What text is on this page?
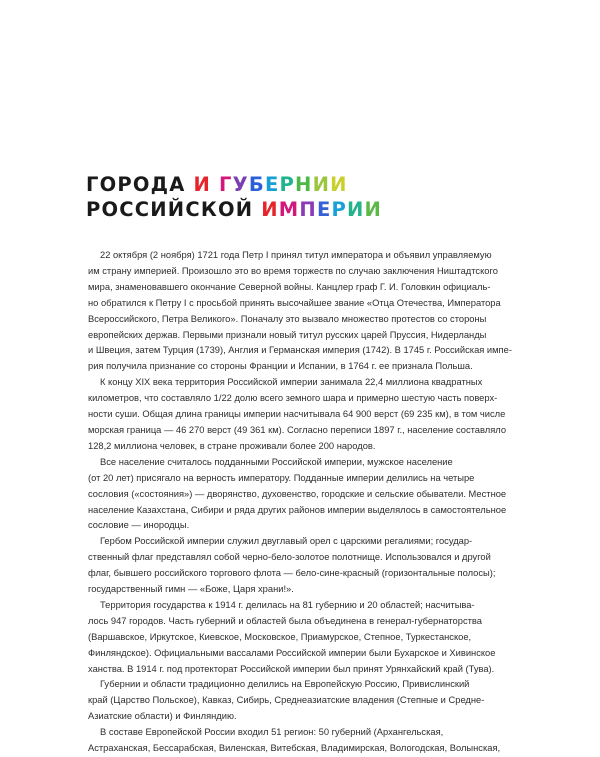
ГОРОДА И ГУБЕРНИИ
РОССИЙСКОЙ ИМПЕРИИ
22 октября (2 ноября) 1721 года Петр I принял титул императора и объявил управляемую
им страну империей. Произошло это во время торжеств по случаю заключения Ништадтского
мира, знаменовавшего окончание Северной войны. Канцлер граф Г. И. Головкин официаль-
но обратился к Петру I с просьбой принять высочайшее звание «Отца Отечества, Императора
Всероссийского, Петра Великого». Поначалу это вызвало множество протестов со стороны
европейских держав. Первыми признали новый титул русских царей Пруссия, Нидерланды
и Швеция, затем Турция (1739), Англия и Германская империя (1742). В 1745 г. Российская импе-
рия получила признание со стороны Франции и Испании, в 1764 г. ее признала Польша.
К концу XIX века территория Российской империи занимала 22,4 миллиона квадратных
километров, что составляло 1/22 долю всего земного шара и примерно шестую часть поверх-
ности суши. Общая длина границы империи насчитывала 64 900 верст (69 235 км), в том числе
морская граница — 46 270 верст (49 361 км). Согласно переписи 1897 г., население составляло
128,2 миллиона человек, в стране проживали более 200 народов.
Все население считалось подданными Российской империи, мужское население
(от 20 лет) присягало на верность императору. Подданные империи делились на четыре
сословия («состояния») — дворянство, духовенство, городские и сельские обыватели. Местное
население Казахстана, Сибири и ряда других районов империи выделялось в самостоятельное
сословие — инородцы.
Гербом Российской империи служил двуглавый орел с царскими регалиями; государ-
ственный флаг представлял собой черно-бело-золотое полотнище. Использовался и другой
флаг, бывшего российского торгового флота — бело-сине-красный (горизонтальные полосы);
государственный гимн — «Боже, Царя храни!».
Территория государства к 1914 г. делилась на 81 губернию и 20 областей; насчитыва-
лось 947 городов. Часть губерний и областей была объединена в генерал-губернаторства
(Варшавское, Иркутское, Киевское, Московское, Приамурское, Степное, Туркестанское,
Финляндское). Официальными вассалами Российской империи были Бухарское и Хивинское
ханства. В 1914 г. под протекторат Российской империи был принят Урянхайский край (Тува).
Губернии и области традиционно делились на Европейскую Россию, Привислинский
край (Царство Польское), Кавказ, Сибирь, Среднеазиатские владения (Степные и Средне-
Азиатские области) и Финляндию.
В составе Европейской России входил 51 регион: 50 губерний (Архангельская,
Астраханская, Бессарабская, Виленская, Витебская, Владимирская, Вологодская, Волынская,
